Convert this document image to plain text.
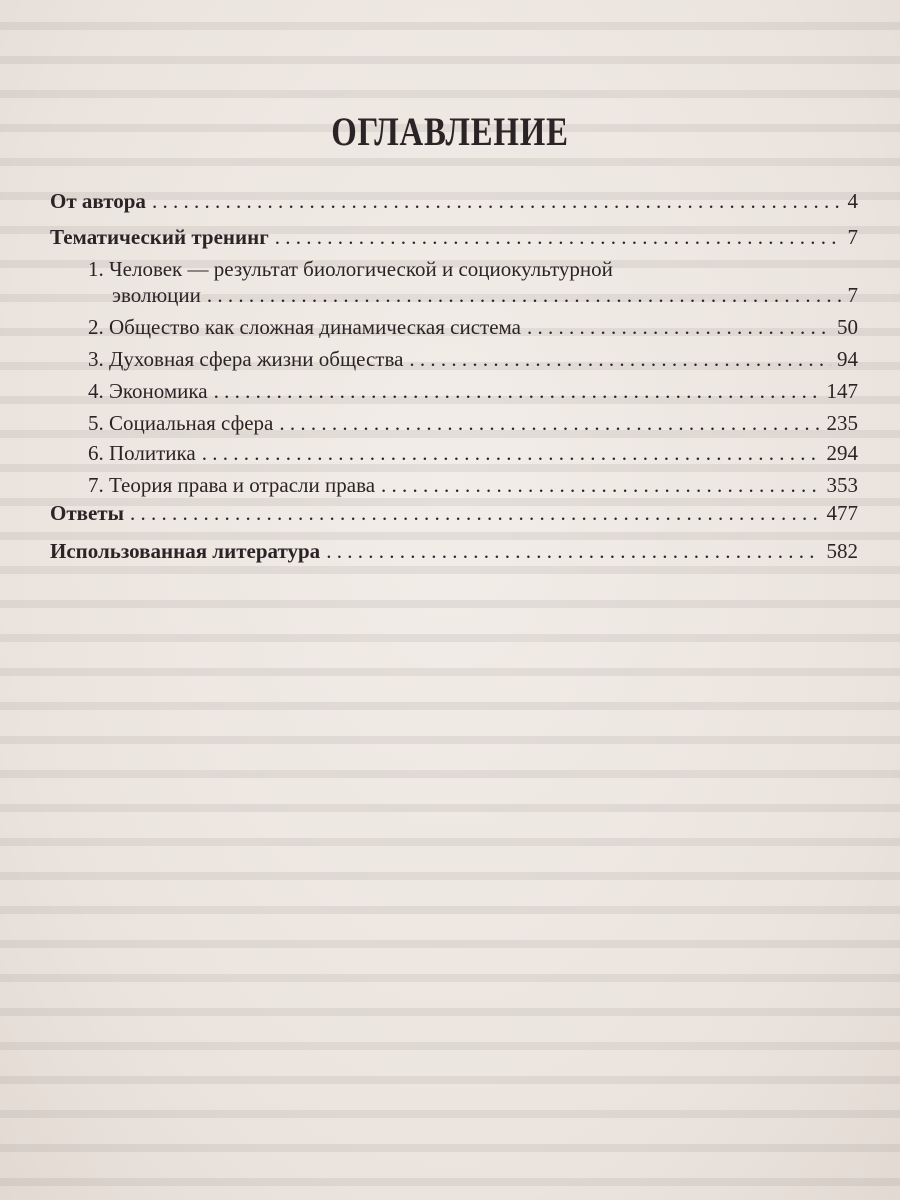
ОГЛАВЛЕНИЕ
От автора . . .	4
Тематический тренинг . . .	7
1. Человек — результат биологической и социокультурной
эволюции . . .	7
2. Общество как сложная динамическая система . . .	50
3. Духовная сфера жизни общества . . .	94
4. Экономика . . .	147
5. Социальная сфера . . .	235
6. Политика . . .	294
7. Теория права и отрасли права . . .	353
Ответы . . .	477
Использованная литература . . .	582
